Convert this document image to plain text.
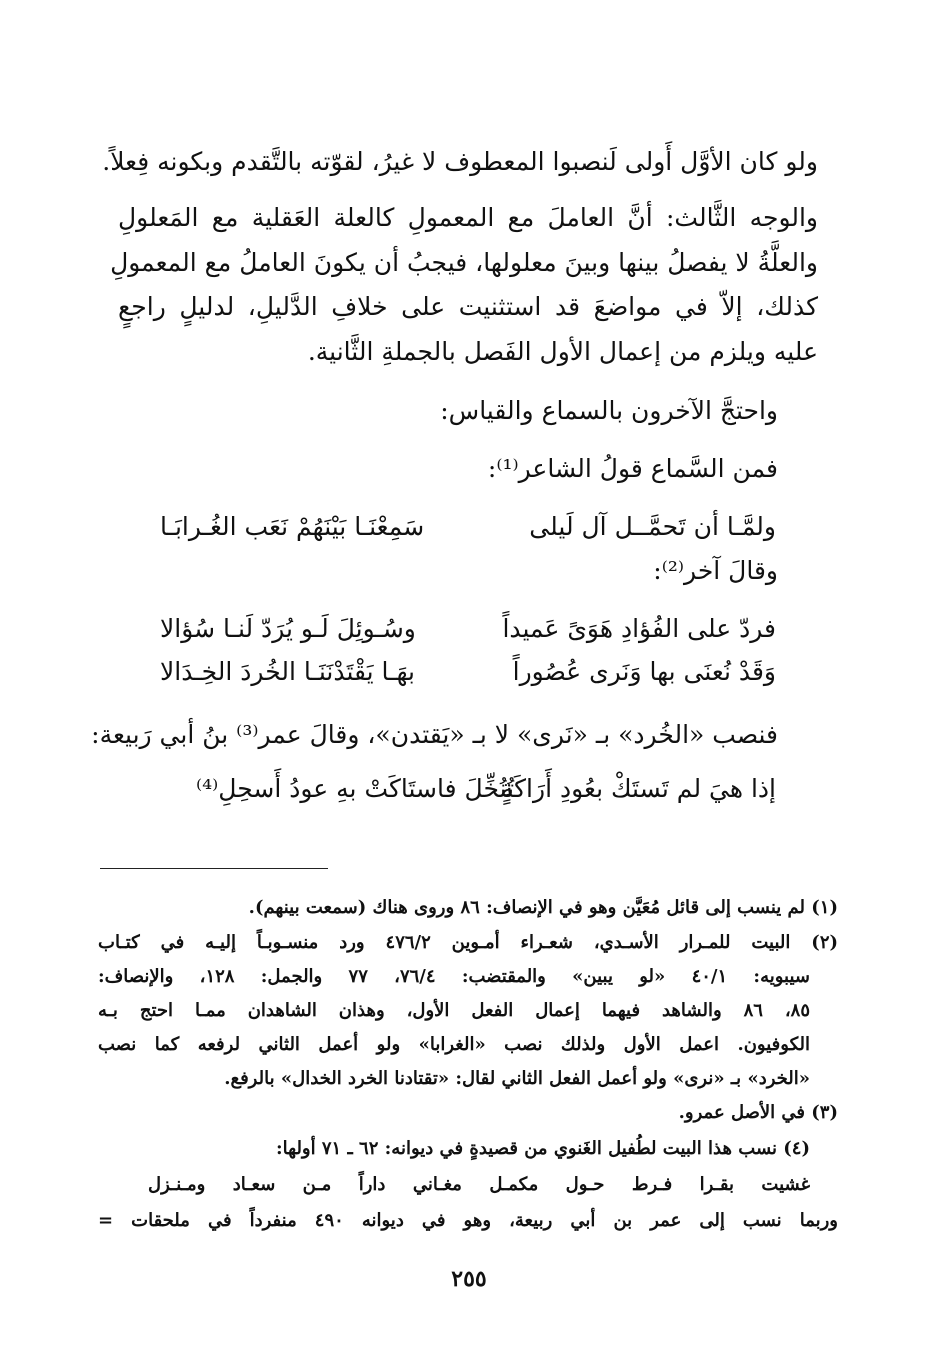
ولو كان الأوَّل أَولى لَنصبوا المعطوف لا غيرُ، لقوّته بالتَّقدم وبكونه فِعلاً.
والوجه الثَّالث: أنَّ العاملَ مع المعمولِ كالعلة العَقلية مع المَعلولِ
والعلَّةُ لا يفصلُ بينها وبينَ معلولها، فيجبُ أن يكونَ العاملُ مع المعمولِ
كذلك، إلاّ في مواضعَ قد استثنيت على خلافِ الدَّليلِ، لدليلٍ راجعٍ
عليه ويلزم من إعمال الأول الفَصل بالجملةِ الثَّانية.
واحتجَّ الآخرون بالسماع والقياس:
فمن السَّماع قولُ الشاعر⁽¹⁾:
ولمَّـا أن تَحمَّــل آل لَيلى
سَمِعْنَـا بَيْنَهُمْ نَعَب الغُـرابَـا
وقالَ آخر⁽²⁾:
فردّ على الفُؤادِ هَوَىً عَميداً
وسُـوئِلَ لَـو يُرَدّ لَنـا سُؤالا
وَقَدْ نُعنَى بها وَنَرى عُصُوراً
بهَـا يَقْتَدْنَنَـا الخُردَ الخِـدَالا
فنصب «الخُرد» بـ «نَرى» لا بـ «يَقتدن»، وقالَ عمر⁽³⁾ بنُ أبي رَبيعة:
إذا هيَ لم تَستَكْ بعُودِ أَرَاكَةٍ
تُنُخِّلَ فاستَاكَتْ بهِ عودُ أَسحِلِ⁽⁴⁾
(١) لم ينسب إلى قائل مُعَيَّن وهو في الإنصاف: ٨٦ وروى هناك (سمعت بينهم).
(٢) البيت للمـرار الأسـدي، شعـراء أمـوين ٤٧٦/٢ ورد منسـوبـاً إليـه في كتـاب
سيبويه: ٤٠/١ «لو يبين» والمقتضب: ٧٦/٤، ٧٧ والجمل: ١٢٨، والإنصاف:
٨٥، ٨٦ والشاهد فيهما إعمال الفعل الأول، وهذان الشاهدان ممـا احتج بـه
الكوفيون. اعمل الأول ولذلك نصب «الغرابا» ولو أعمل الثاني لرفعه كما نصب
«الخرد» بـ «نرى» ولو أعمل الفعل الثاني لقال: «تقتادنا الخرد الخدال» بالرفع.
(٣) في الأصل عمرو.
(٤) نسب هذا البيت لطُفيل الغَنوي من قصيدةٍ في ديوانه: ٦٢ ـ ٧١ أولها:
غشيت بقـرا فـرط حـول مكمـل مغـاني داراً مـن سعـاد ومـنـزل
وربما نسب إلى عمر بن أبي ربيعة، وهو في ديوانه ٤٩٠ منفرداً في ملحقات =
٢٥٥
